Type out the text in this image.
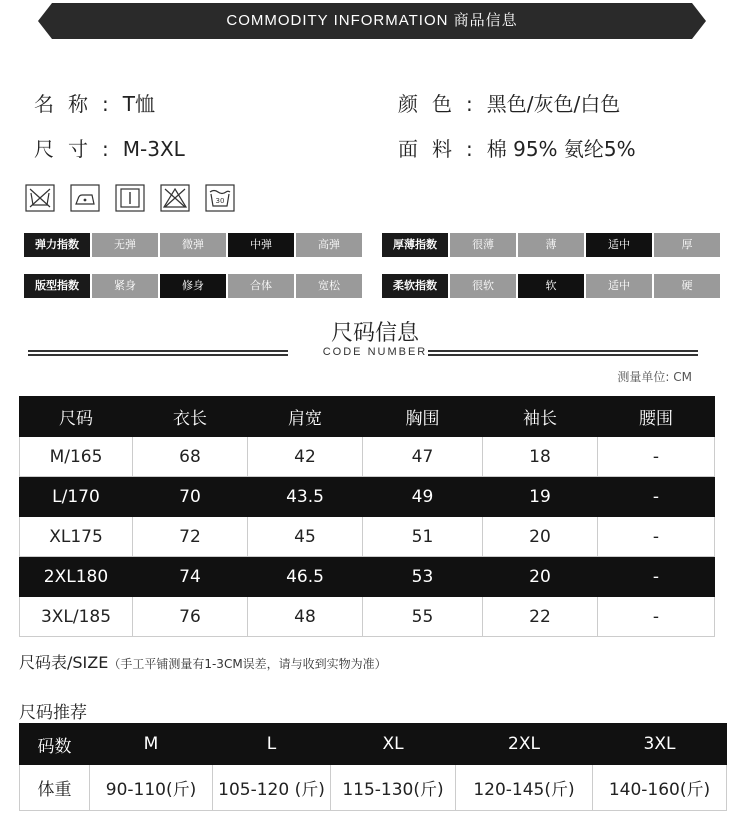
COMMODITY INFORMATION 商品信息
名称:T恤
尺寸:M-3XL
颜色:黑色/灰色/白色
面料:棉 95% 氨纶5%
30
弹力指数	无弹	微弹	中弹	高弹	厚薄指数	很薄	薄	适中	厚
版型指数	紧身	修身	合体	宽松	柔软指数	很软	软	适中	硬
尺码信息
CODE NUMBER
测量单位: CM
尺码	衣长	肩宽	胸围	袖长	腰围
M/165	68	42	47	18	-
L/170	70	43.5	49	19	-
XL175	72	45	51	20	-
2XL180	74	46.5	53	20	-
3XL/185	76	48	55	22	-
尺码表/SIZE（手工平铺测量有1-3CM误差，请与收到实物为准）
尺码推荐
码数	M	L	XL	2XL	3XL
体重	90-110(斤)	105-120 (斤)	115-130(斤)	120-145(斤)	140-160(斤)
